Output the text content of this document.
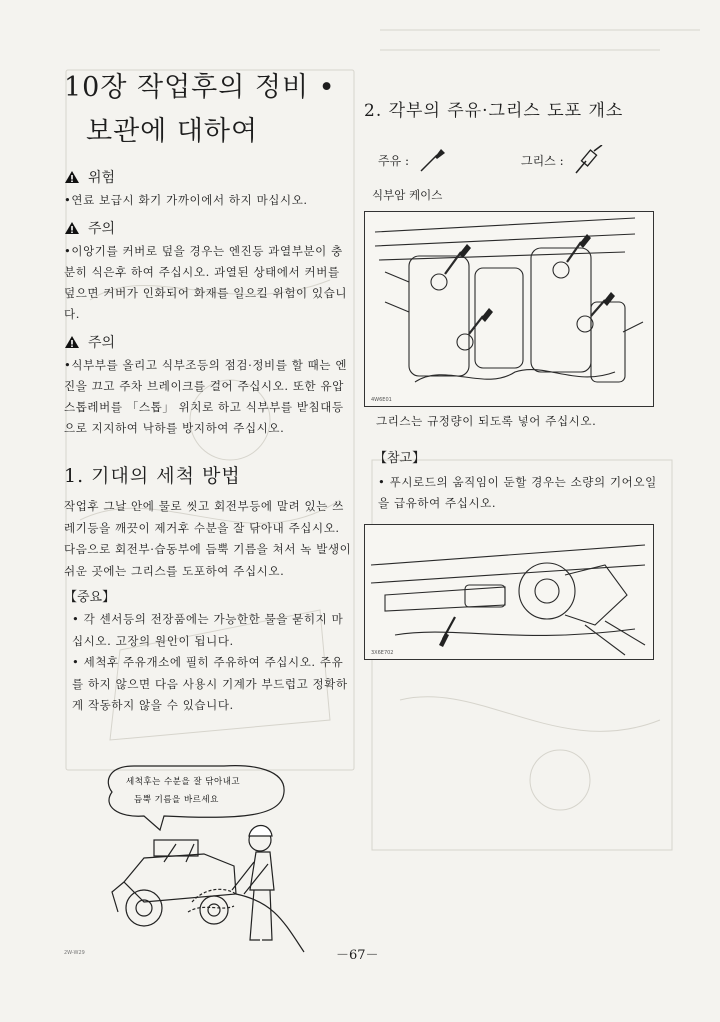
10장 작업후의 정비 •
보관에 대하여
위험

•연료 보급시 화기 가까이에서 하지 마십시오.

주의

•이앙기를 커버로 덮을 경우는 엔진등 과열부분이 충분히 식은후 하여 주십시오. 과열된 상태에서 커버를 덮으면 커버가 인화되어 화재를 일으킬 위험이 있습니다.

주의

•식부부를 올리고 식부조등의 점검·정비를 할 때는 엔진을 끄고 주차 브레이크를 걸어 주십시오. 또한 유압스톱레버를 「스톱」 위치로 하고 식부부를 받침대등으로 지지하여 낙하를 방지하여 주십시오.

1. 기대의 세척 방법

작업후 그날 안에 물로 씻고 회전부등에 말려 있는 쓰레기등을 깨끗이 제거후 수분을 잘 닦아내 주십시오. 다음으로 회전부·습동부에 듬뿍 기름을 쳐서 녹 발생이 쉬운 곳에는 그리스를 도포하여 주십시오.

【중요】

• 각 센서등의 전장품에는 가능한한 물을 묻히지 마십시오. 고장의 원인이 됩니다.

• 세척후 주유개소에 필히 주유하여 주십시오. 주유를 하지 않으면 다음 사용시 기계가 부드럽고 정확하게 작동하지 않을 수 있습니다.

세척후는 수분을 잘 닦아내고
듬뿍 기름을 바르세요
2. 각부의 주유·그리스 도포 개소
주유 :	그리스 :
식부암 케이스
4W6E01

그리스는 규정량이 되도록 넣어 주십시오.

【참고】

• 푸시로드의 움직임이 둔할 경우는 소량의 기어오일을 급유하여 주십시오.

3X6E702
2W-W29	－67－
